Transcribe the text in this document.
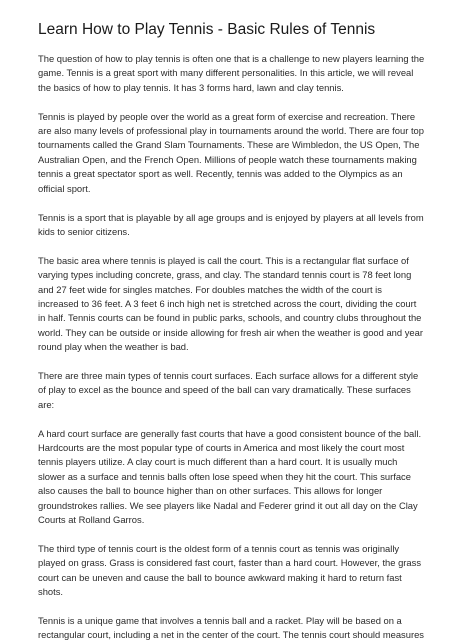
Learn How to Play Tennis - Basic Rules of Tennis

The question of how to play tennis is often one that is a challenge to new players learning the
game. Tennis is a great sport with many different personalities. In this article, we will reveal
the basics of how to play tennis. It has 3 forms hard, lawn and clay tennis.

Tennis is played by people over the world as a great form of exercise and recreation. There
are also many levels of professional play in tournaments around the world. There are four top
tournaments called the Grand Slam Tournaments. These are Wimbledon, the US Open, The
Australian Open, and the French Open. Millions of people watch these tournaments making
tennis a great spectator sport as well. Recently, tennis was added to the Olympics as an
official sport.

Tennis is a sport that is playable by all age groups and is enjoyed by players at all levels from
kids to senior citizens.

The basic area where tennis is played is call the court. This is a rectangular flat surface of
varying types including concrete, grass, and clay. The standard tennis court is 78 feet long
and 27 feet wide for singles matches. For doubles matches the width of the court is
increased to 36 feet. A 3 feet 6 inch high net is stretched across the court, dividing the court
in half. Tennis courts can be found in public parks, schools, and country clubs throughout the
world. They can be outside or inside allowing for fresh air when the weather is good and year
round play when the weather is bad.

There are three main types of tennis court surfaces. Each surface allows for a different style
of play to excel as the bounce and speed of the ball can vary dramatically. These surfaces
are:

A hard court surface are generally fast courts that have a good consistent bounce of the ball.
Hardcourts are the most popular type of courts in America and most likely the court most
tennis players utilize. A clay court is much different than a hard court. It is usually much
slower as a surface and tennis balls often lose speed when they hit the court. This surface
also causes the ball to bounce higher than on other surfaces. This allows for longer
groundstrokes rallies. We see players like Nadal and Federer grind it out all day on the Clay
Courts at Rolland Garros.

The third type of tennis court is the oldest form of a tennis court as tennis was originally
played on grass. Grass is considered fast court, faster than a hard court. However, the grass
court can be uneven and cause the ball to bounce awkward making it hard to return fast
shots.

Tennis is a unique game that involves a tennis ball and a racket. Play will be based on a
rectangular court, including a net in the center of the court. The tennis court should measures
